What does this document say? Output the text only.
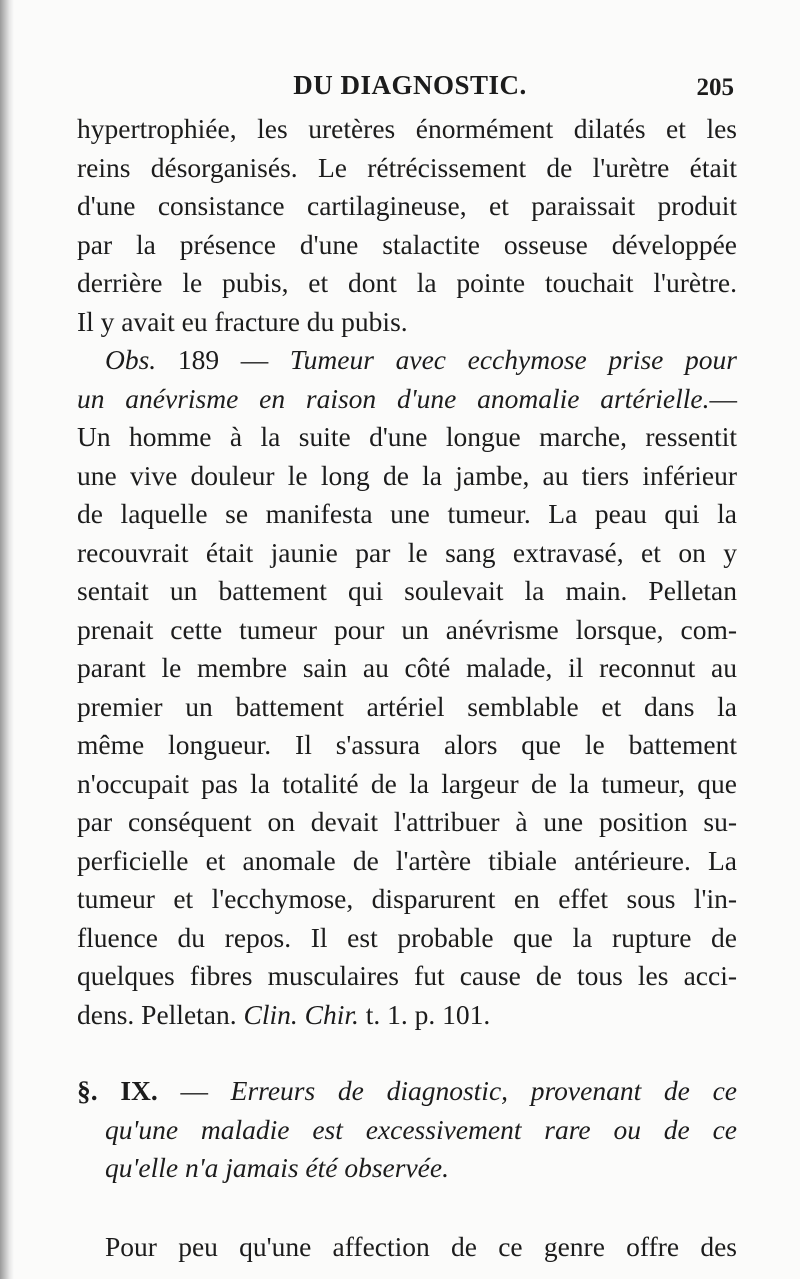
DU DIAGNOSTIC.	205
hypertrophiée, les uretères énormément dilatés et les
reins désorganisés. Le rétrécissement de l'urètre était
d'une consistance cartilagineuse, et paraissait produit
par la présence d'une stalactite osseuse développée
derrière le pubis, et dont la pointe touchait l'urètre.
Il y avait eu fracture du pubis.
Obs. 189 — Tumeur avec ecchymose prise pour
un anévrisme en raison d'une anomalie artérielle.—
Un homme à la suite d'une longue marche, ressentit
une vive douleur le long de la jambe, au tiers inférieur
de laquelle se manifesta une tumeur. La peau qui la
recouvrait était jaunie par le sang extravasé, et on y
sentait un battement qui soulevait la main. Pelletan
prenait cette tumeur pour un anévrisme lorsque, com-
parant le membre sain au côté malade, il reconnut au
premier un battement artériel semblable et dans la
même longueur. Il s'assura alors que le battement
n'occupait pas la totalité de la largeur de la tumeur, que
par conséquent on devait l'attribuer à une position su-
perficielle et anomale de l'artère tibiale antérieure. La
tumeur et l'ecchymose, disparurent en effet sous l'in-
fluence du repos. Il est probable que la rupture de
quelques fibres musculaires fut cause de tous les acci-
dens. Pelletan. Clin. Chir. t. 1. p. 101.
§. IX. — Erreurs de diagnostic, provenant de ce
qu'une maladie est excessivement rare ou de ce
qu'elle n'a jamais été observée.
Pour peu qu'une affection de ce genre offre des
